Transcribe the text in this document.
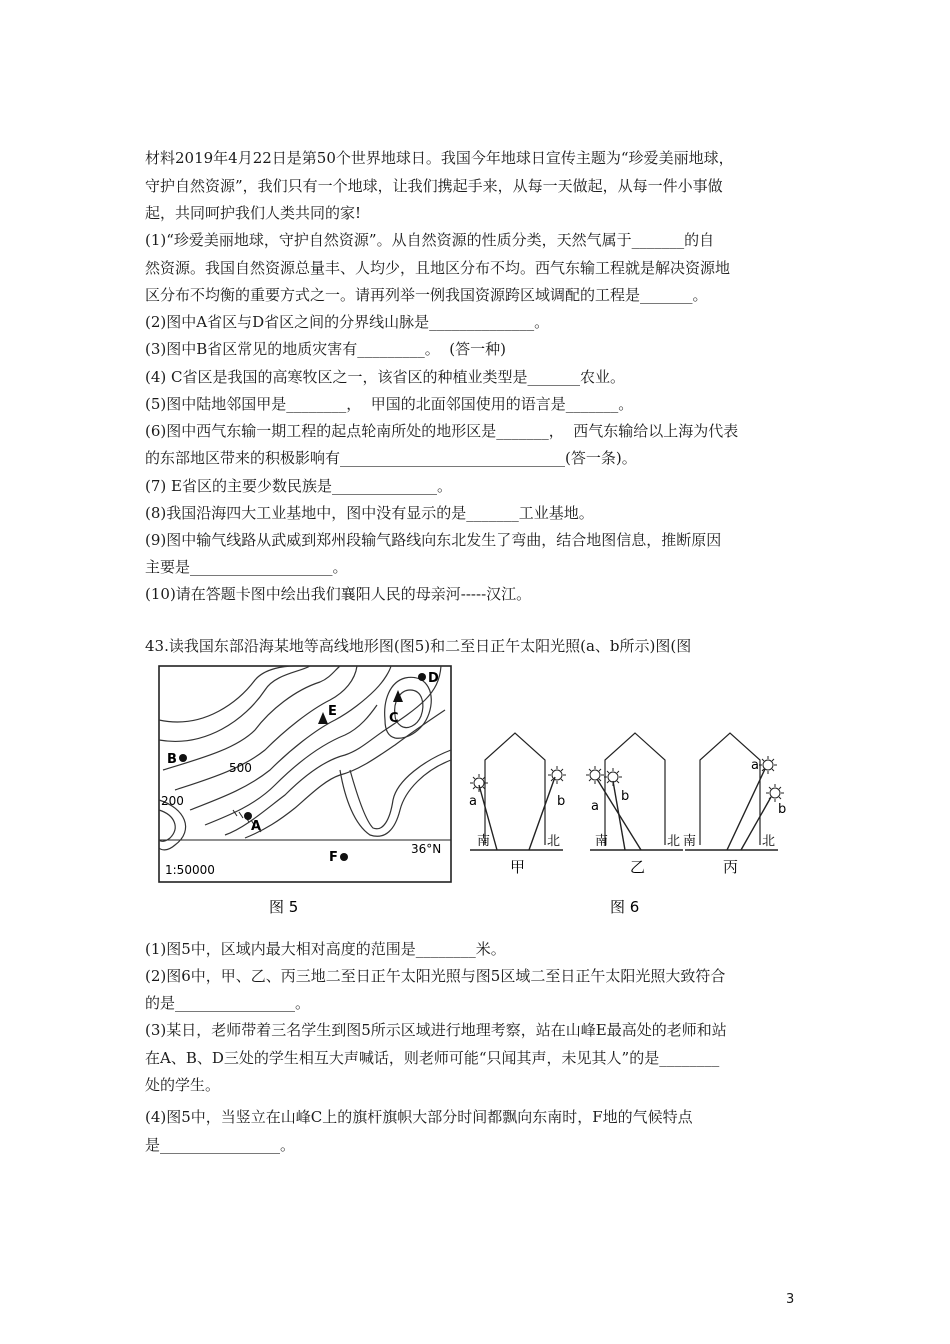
材料2019年4月22日是第50个世界地球日。我国今年地球日宣传主题为“珍爱美丽地球，
守护自然资源”，我们只有一个地球，让我们携起手来，从每一天做起，从每一件小事做
起，共同呵护我们人类共同的家!
(1)“珍爱美丽地球，守护自然资源”。从自然资源的性质分类，天然气属于_______的自
然资源。我国自然资源总量丰、人均少，且地区分布不均。西气东输工程就是解决资源地
区分布不均衡的重要方式之一。请再列举一例我国资源跨区域调配的工程是_______。
(2)图中A省区与D省区之间的分界线山脉是______________。
(3)图中B省区常见的地质灾害有_________。  (答一种)
(4) C省区是我国的高寒牧区之一，该省区的种植业类型是_______农业。
(5)图中陆地邻国甲是________，  甲国的北面邻国使用的语言是_______。
(6)图中西气东输一期工程的起点轮南所处的地形区是_______，  西气东输给以上海为代表
的东部地区带来的积极影响有______________________________(答一条)。
(7) E省区的主要少数民族是______________。
(8)我国沿海四大工业基地中，图中没有显示的是_______工业基地。
(9)图中输气线路从武威到郑州段输气路线向东北发生了弯曲，结合地图信息，推断原因
主要是___________________。
(10)请在答题卡图中绘出我们襄阳人民的母亲河-----汉江。
43.读我国东部沿海某地等高线地形图(图5)和二至日正午太阳光照(a、b所示)图(图
A
B
C
D
E
F
500
200
36°N
1:50000
图 5
a	b
南	北
甲
a
b
南	北
乙
a
b
南	北
丙
图 6
(1)图5中，区域内最大相对高度的范围是________米。
(2)图6中，甲、乙、丙三地二至日正午太阳光照与图5区域二至日正午太阳光照大致符合
的是________________。
(3)某日，老师带着三名学生到图5所示区域进行地理考察，站在山峰E最高处的老师和站
在A、B、D三处的学生相互大声喊话，则老师可能“只闻其声，未见其人”的是________
处的学生。
(4)图5中，当竖立在山峰C上的旗杆旗帜大部分时间都飘向东南时，F地的气候特点
是________________。
3
